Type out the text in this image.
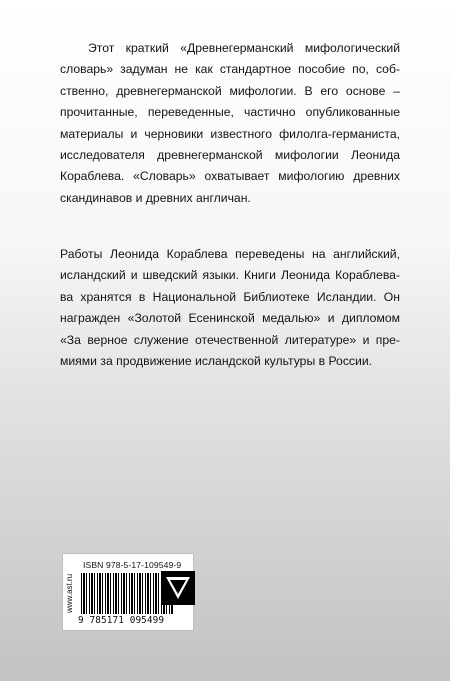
Этот краткий «Древнегерманский мифологический
словарь» задуман не как стандартное пособие по, соб-
ственно, древнегерманской мифологии. В его основе –
прочитанные, переведенные, частично опубликованные
материалы и черновики известного филолга-германиста,
исследователя древнегерманской мифологии Леонида
Кораблева. «Словарь» охватывает мифологию древних
скандинавов и древних англичан.
Работы Леонида Кораблева переведены на английский,
исландский и шведский языки. Книги Леонида Кораблева-
ва хранятся в Национальной Библиотеке Исландии. Он
награжден «Золотой Есенинской медалью» и дипломом
«За верное служение отечественной литературе» и пре-
миями за продвижение исландской культуры в России.
www.ast.ru
ISBN 978-5-17-109549-9
9 785171 095499
